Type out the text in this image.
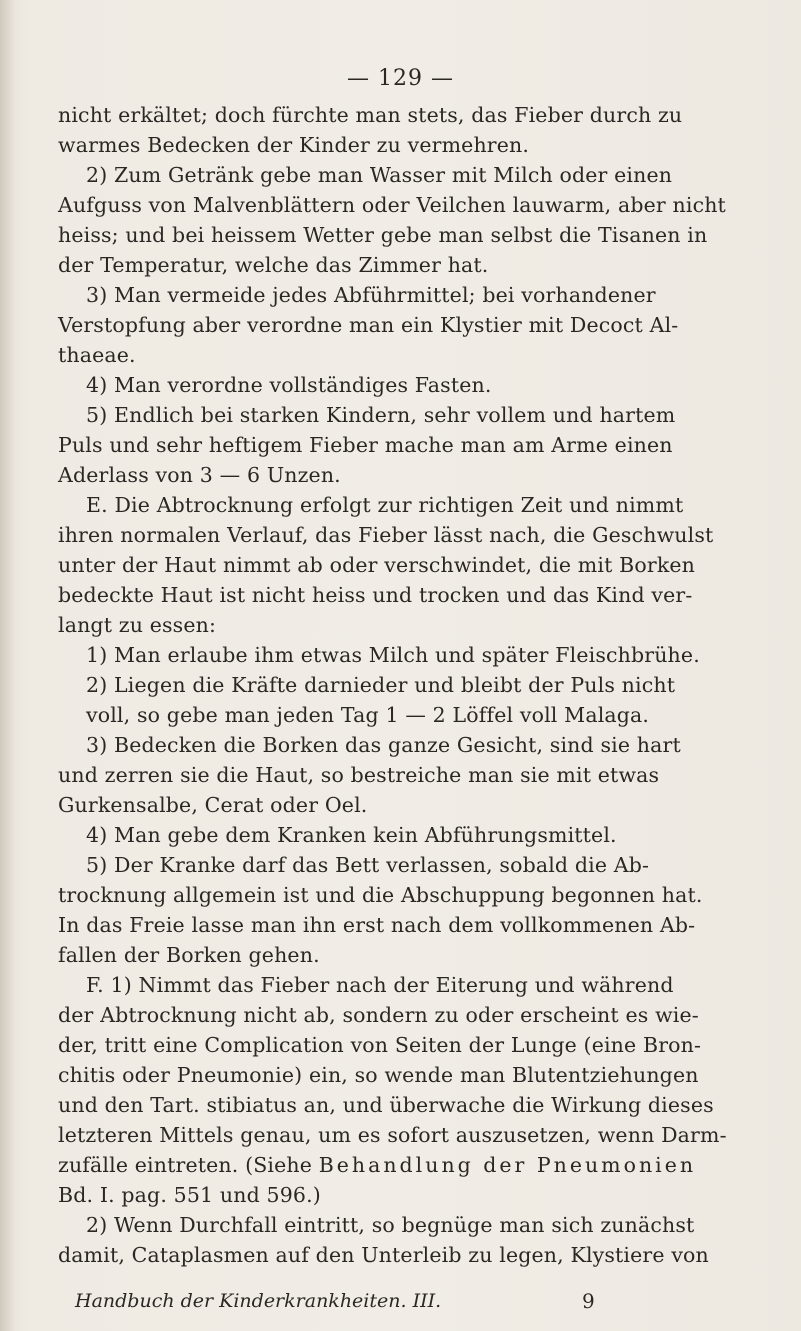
— 129 —
nicht erkältet; doch fürchte man stets, das Fieber durch zu
warmes Bedecken der Kinder zu vermehren.
2) Zum Getränk gebe man Wasser mit Milch oder einen
Aufguss von Malvenblättern oder Veilchen lauwarm, aber nicht
heiss; und bei heissem Wetter gebe man selbst die Tisanen in
der Temperatur, welche das Zimmer hat.
3) Man vermeide jedes Abführmittel; bei vorhandener
Verstopfung aber verordne man ein Klystier mit Decoct Al-
thaeae.
4) Man verordne vollständiges Fasten.
5) Endlich bei starken Kindern, sehr vollem und hartem
Puls und sehr heftigem Fieber mache man am Arme einen
Aderlass von 3 — 6 Unzen.
E. Die Abtrocknung erfolgt zur richtigen Zeit und nimmt
ihren normalen Verlauf, das Fieber lässt nach, die Geschwulst
unter der Haut nimmt ab oder verschwindet, die mit Borken
bedeckte Haut ist nicht heiss und trocken und das Kind ver-
langt zu essen:
1) Man erlaube ihm etwas Milch und später Fleischbrühe.
2) Liegen die Kräfte darnieder und bleibt der Puls nicht
voll, so gebe man jeden Tag 1 — 2 Löffel voll Malaga.
3) Bedecken die Borken das ganze Gesicht, sind sie hart
und zerren sie die Haut, so bestreiche man sie mit etwas
Gurkensalbe, Cerat oder Oel.
4) Man gebe dem Kranken kein Abführungsmittel.
5) Der Kranke darf das Bett verlassen, sobald die Ab-
trocknung allgemein ist und die Abschuppung begonnen hat.
In das Freie lasse man ihn erst nach dem vollkommenen Ab-
fallen der Borken gehen.
F. 1) Nimmt das Fieber nach der Eiterung und während
der Abtrocknung nicht ab, sondern zu oder erscheint es wie-
der, tritt eine Complication von Seiten der Lunge (eine Bron-
chitis oder Pneumonie) ein, so wende man Blutentziehungen
und den Tart. stibiatus an, und überwache die Wirkung dieses
letzteren Mittels genau, um es sofort auszusetzen, wenn Darm-
zufälle eintreten. (Siehe Behandlung der Pneumonien
Bd. I. pag. 551 und 596.)
2) Wenn Durchfall eintritt, so begnüge man sich zunächst
damit, Cataplasmen auf den Unterleib zu legen, Klystiere von
Handbuch der Kinderkrankheiten. III.	9
